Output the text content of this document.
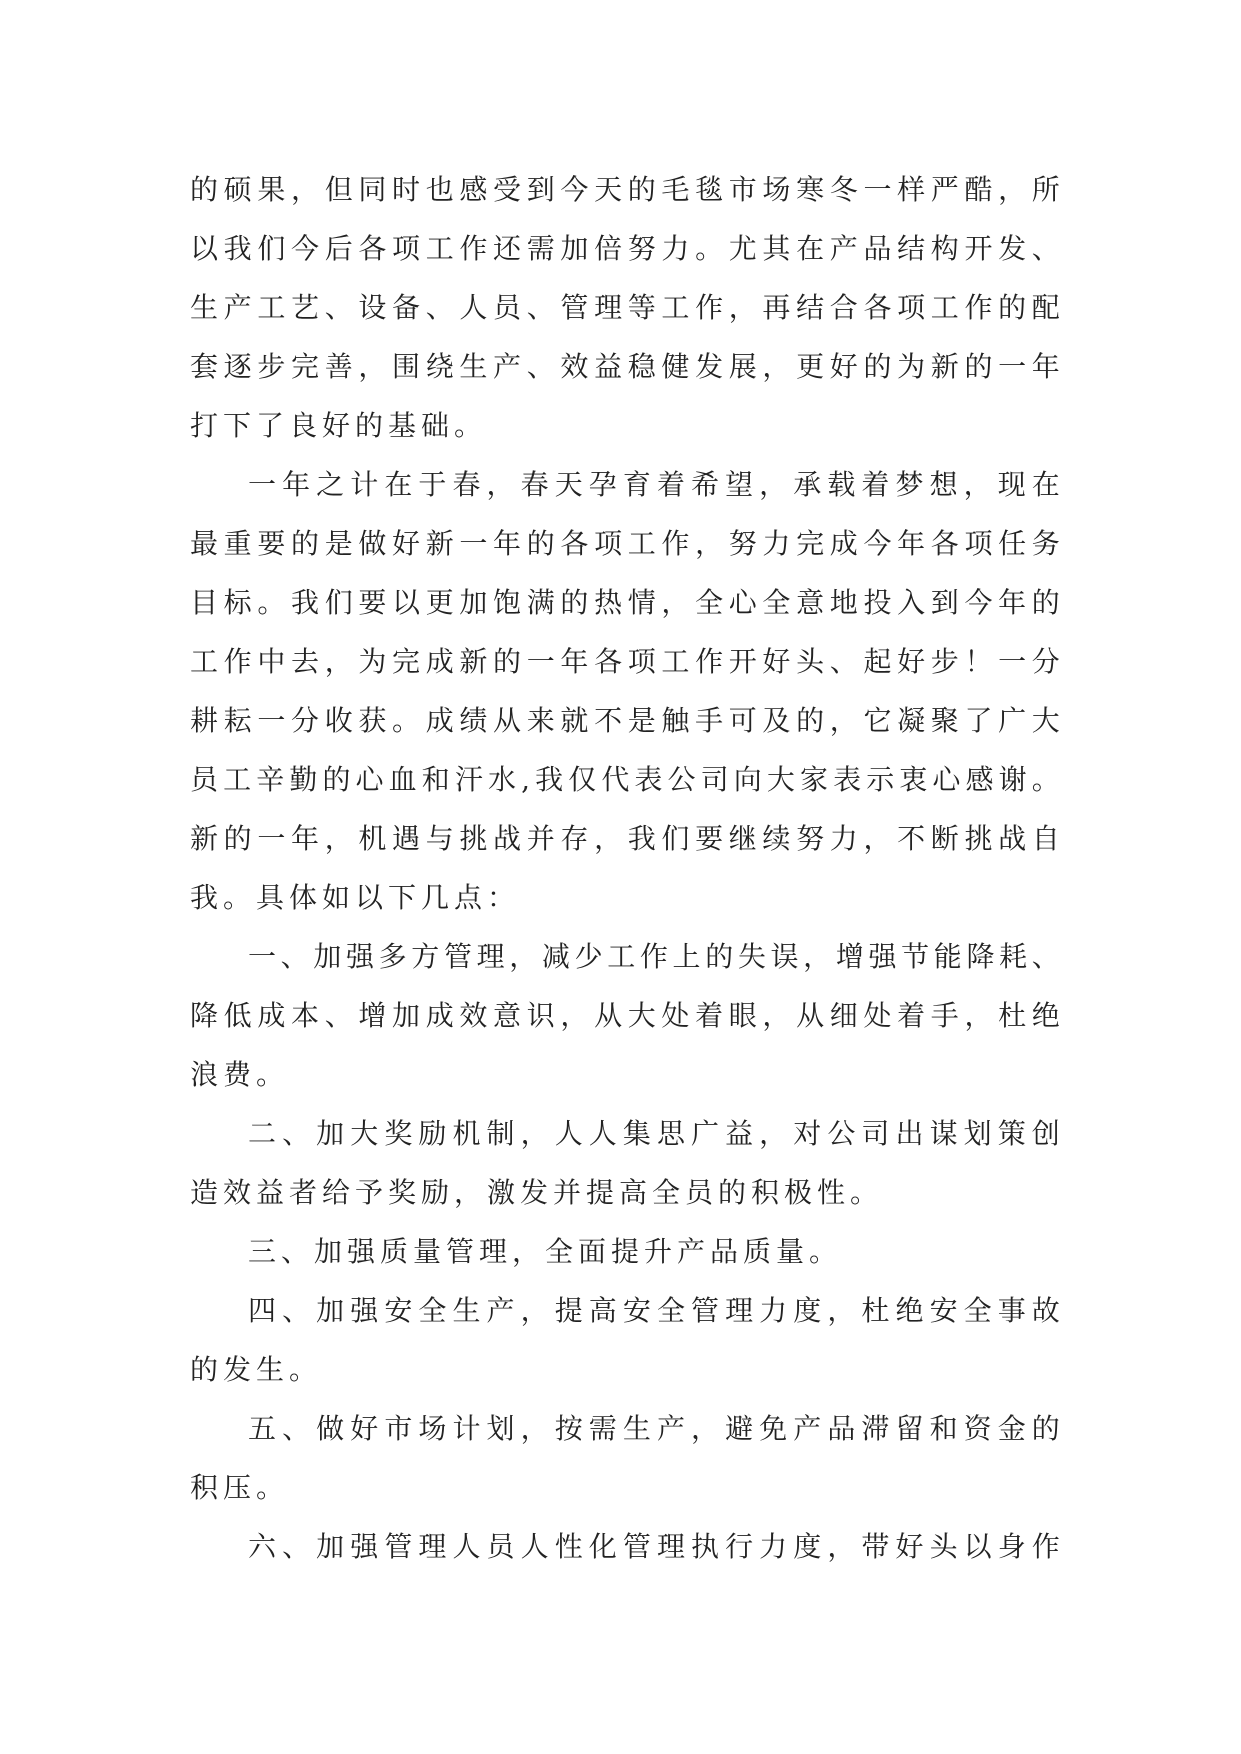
的 硕 果 ， 但 同 时 也 感 受 到 今 天 的 毛 毯 市 场 寒 冬 一 样 严 酷 ， 所
以 我 们 今 后 各 项 工 作 还 需 加 倍 努 力 。 尤 其 在 产 品 结 构 开 发 、
生 产 工 艺 、 设 备 、 人 员 、 管 理 等 工 作 ， 再 结 合 各 项 工 作 的 配
套 逐 步 完 善 ， 围 绕 生 产 、 效 益 稳 健 发 展 ， 更 好 的 为 新 的 一 年
打下了良好的基础。
一 年 之 计 在 于 春 ， 春 天 孕 育 着 希 望 ， 承 载 着 梦 想 ， 现 在
最 重 要 的 是 做 好 新 一 年 的 各 项 工 作 ， 努 力 完 成 今 年 各 项 任 务
目 标 。 我 们 要 以 更 加 饱 满 的 热 情 ， 全 心 全 意 地 投 入 到 今 年 的
工 作 中 去 ， 为 完 成 新 的 一 年 各 项 工 作 开 好 头 、 起 好 步 ！ 一 分
耕 耘 一 分 收 获 。 成 绩 从 来 就 不 是 触 手 可 及 的 ， 它 凝 聚 了 广 大
员 工 辛 勤 的 心 血 和 汗 水 , 我 仅 代 表 公 司 向 大 家 表 示 衷 心 感 谢 。
新 的 一 年 ， 机 遇 与 挑 战 并 存 ， 我 们 要 继 续 努 力 ， 不 断 挑 战 自
我。具体如以下几点：
一 、 加 强 多 方 管 理 ， 减 少 工 作 上 的 失 误 ， 增 强 节 能 降 耗 、
降 低 成 本 、 增 加 成 效 意 识 ， 从 大 处 着 眼 ， 从 细 处 着 手 ， 杜 绝
浪费。
二 、 加 大 奖 励 机 制 ， 人 人 集 思 广 益 ， 对 公 司 出 谋 划 策 创
造效益者给予奖励，激发并提高全员的积极性。
三、加强质量管理，全面提升产品质量。
四 、 加 强 安 全 生 产 ， 提 高 安 全 管 理 力 度 ， 杜 绝 安 全 事 故
的发生。
五 、 做 好 市 场 计 划 ， 按 需 生 产 ， 避 免 产 品 滞 留 和 资 金 的
积压。
六 、 加 强 管 理 人 员 人 性 化 管 理 执 行 力 度 ， 带 好 头 以 身 作
